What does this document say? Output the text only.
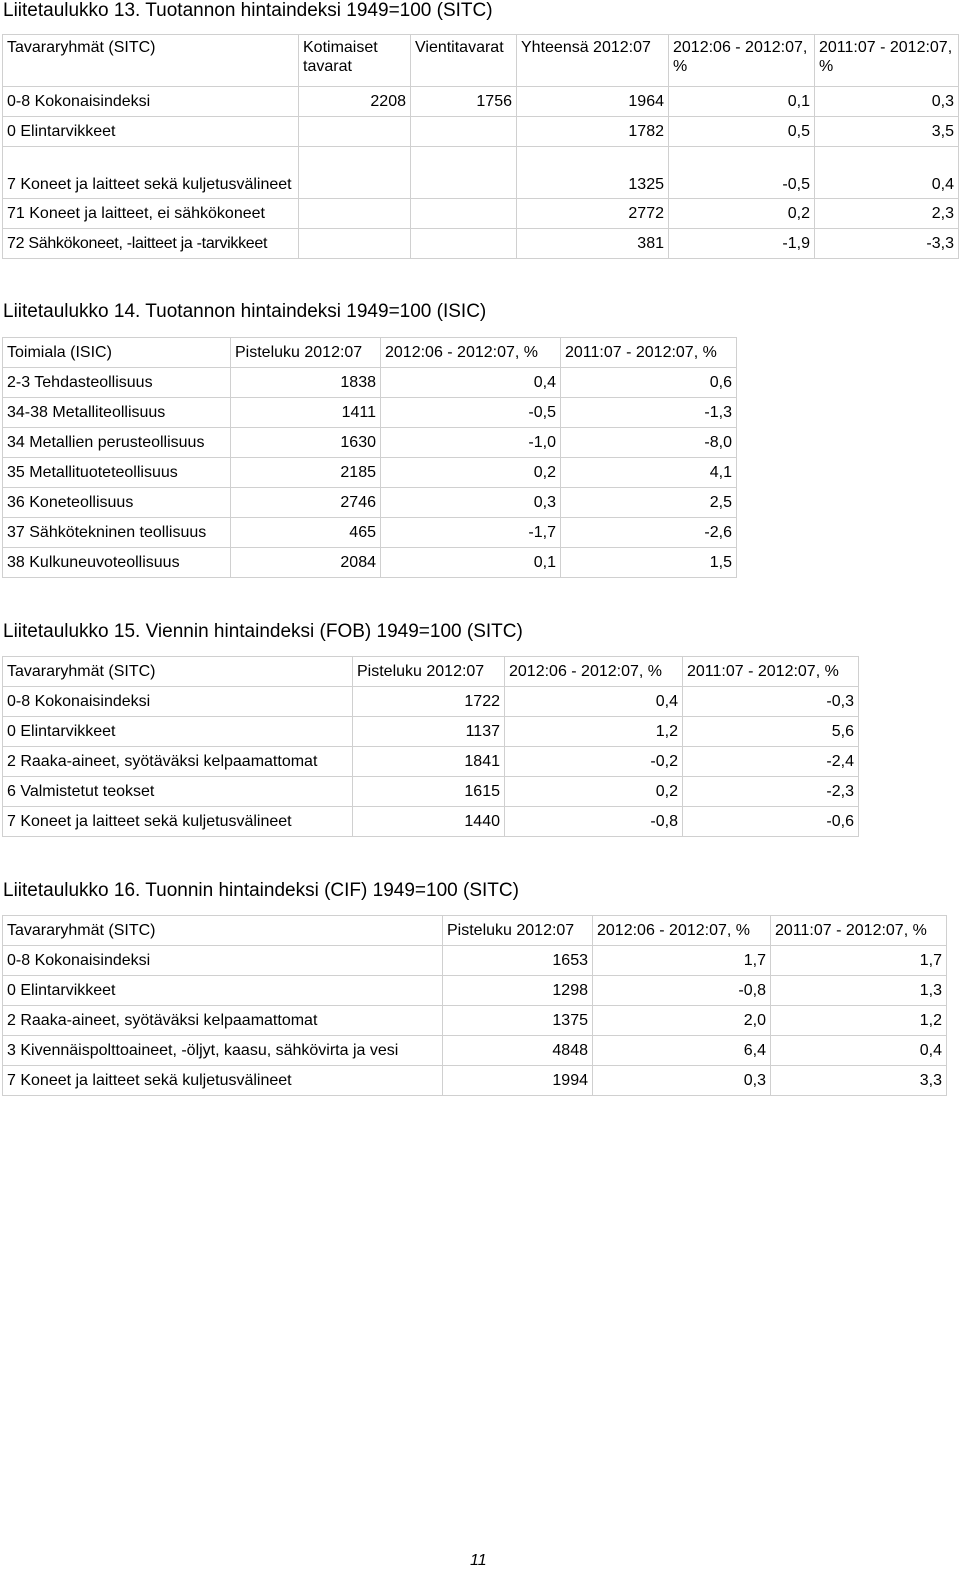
Liitetaulukko 13. Tuotannon hintaindeksi 1949=100 (SITC)
Tavararyhmät (SITC)	Kotimaiset tavarat	Vientitavarat	Yhteensä 2012:07	2012:06 - 2012:07, %	2011:07 - 2012:07, %
0-8 Kokonaisindeksi	2208	1756	1964	0,1	0,3
0 Elintarvikkeet			1782	0,5	3,5
7 Koneet ja laitteet sekä kuljetusvälineet			1325	-0,5	0,4
71 Koneet ja laitteet, ei sähkökoneet			2772	0,2	2,3
72 Sähkökoneet, -laitteet ja -tarvikkeet			381	-1,9	-3,3
Liitetaulukko 14. Tuotannon hintaindeksi 1949=100 (ISIC)
Toimiala (ISIC)	Pisteluku 2012:07	2012:06 - 2012:07, %	2011:07 - 2012:07, %
2-3 Tehdasteollisuus	1838	0,4	0,6
34-38 Metalliteollisuus	1411	-0,5	-1,3
34 Metallien perusteollisuus	1630	-1,0	-8,0
35 Metallituoteteollisuus	2185	0,2	4,1
36 Koneteollisuus	2746	0,3	2,5
37 Sähkötekninen teollisuus	465	-1,7	-2,6
38 Kulkuneuvoteollisuus	2084	0,1	1,5
Liitetaulukko 15. Viennin hintaindeksi (FOB) 1949=100 (SITC)
Tavararyhmät (SITC)	Pisteluku 2012:07	2012:06 - 2012:07, %	2011:07 - 2012:07, %
0-8 Kokonaisindeksi	1722	0,4	-0,3
0 Elintarvikkeet	1137	1,2	5,6
2 Raaka-aineet, syötäväksi kelpaamattomat	1841	-0,2	-2,4
6 Valmistetut teokset	1615	0,2	-2,3
7 Koneet ja laitteet sekä kuljetusvälineet	1440	-0,8	-0,6
Liitetaulukko 16. Tuonnin hintaindeksi (CIF) 1949=100 (SITC)
Tavararyhmät (SITC)	Pisteluku 2012:07	2012:06 - 2012:07, %	2011:07 - 2012:07, %
0-8 Kokonaisindeksi	1653	1,7	1,7
0 Elintarvikkeet	1298	-0,8	1,3
2 Raaka-aineet, syötäväksi kelpaamattomat	1375	2,0	1,2
3 Kivennäispolttoaineet, -öljyt, kaasu, sähkövirta ja vesi	4848	6,4	0,4
7 Koneet ja laitteet sekä kuljetusvälineet	1994	0,3	3,3
11
